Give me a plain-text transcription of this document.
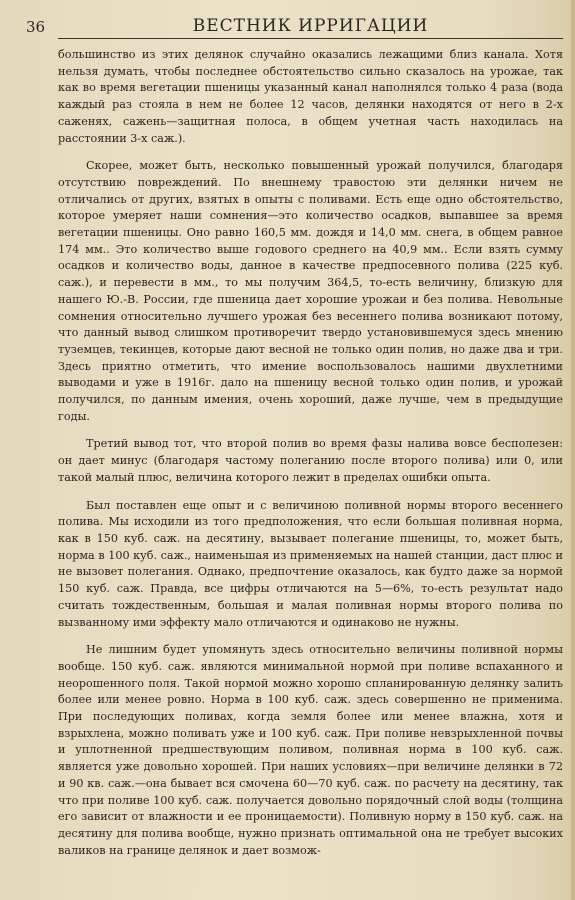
36	ВЕСТНИК ИРРИГАЦИИ

большинство из этих делянок случайно оказались лежащими близ канала. Хотя нельзя думать, чтобы последнее обстоятельство сильно сказалось на урожае, так как во время вегетации пшеницы указанный канал наполнялся только 4 раза (вода каждый раз стояла в нем не более 12 часов, делянки находятся от него в 2-х саженях, сажень—защитная полоса, в общем учетная часть находилась на расстоянии 3-х саж.).

Скорее, может быть, несколько повышенный урожай получился, благодаря отсутствию повреждений. По внешнему травостою эти делянки ничем не отличались от других, взятых в опыты с поливами. Есть еще одно обстоятельство, которое умеряет наши сомнения—это количество осадков, выпавшее за время вегетации пшеницы. Оно равно 160,5 мм. дождя и 14,0 мм. снега, в общем равное 174 мм.. Это количество выше годового среднего на 40,9 мм.. Если взять сумму осадков и количество воды, данное в качестве предпосевного полива (225 куб. саж.), и перевести в мм., то мы получим 364,5, то-есть величину, близкую для нашего Ю.-В. России, где пшеница дает хорошие урожаи и без полива. Невольные сомнения относительно лучшего урожая без весеннего полива возникают потому, что данный вывод слишком противоречит твердо установившемуся здесь мнению туземцев, текинцев, которые дают весной не только один полив, но даже два и три. Здесь приятно отметить, что имение воспользовалось нашими двухлетними выводами и уже в 1916г. дало на пшеницу весной только один полив, и урожай получился, по данным имения, очень хороший, даже лучше, чем в предыдущие годы.

Третий вывод тот, что второй полив во время фазы налива вовсе бесполезен: он дает минус (благодаря частому полеганию после второго полива) или 0, или такой малый плюс, величина которого лежит в пределах ошибки опыта.

Был поставлен еще опыт и с величиною поливной нормы второго весеннего полива. Мы исходили из того предположения, что если большая поливная норма, как в 150 куб. саж. на десятину, вызывает полегание пшеницы, то, может быть, норма в 100 куб. саж., наименьшая из применяемых на нашей станции, даст плюс и не вызовет полегания. Однако, предпочтение оказалось, как будто даже за нормой 150 куб. саж. Правда, все цифры отличаются на 5—6%, то-есть результат надо считать тождественным, большая и малая поливная нормы второго полива по вызванному ими эффекту мало отличаются и одинаково не нужны.

Не лишним будет упомянуть здесь относительно величины поливной нормы вообще. 150 куб. саж. являются минимальной нормой при поливе вспаханного и неорошенного поля. Такой нормой можно хорошо спланированную делянку залить более или менее ровно. Норма в 100 куб. саж. здесь совершенно не применима. При последующих поливах, когда земля более или менее влажна, хотя и взрыхлена, можно поливать уже и 100 куб. саж. При поливе невзрыхленной почвы и уплотненной предшествующим поливом, поливная норма в 100 куб. саж. является уже довольно хорошей. При наших условиях—при величине делянки в 72 и 90 кв. саж.—она бывает вся смочена 60—70 куб. саж. по расчету на десятину, так что при поливе 100 куб. саж. получается довольно порядочный слой воды (толщина его зависит от влажности и ее проницаемости). Поливную норму в 150 куб. саж. на десятину для полива вообще, нужно признать оптимальной она не требует высоких валиков на границе делянок и дает возмож-
